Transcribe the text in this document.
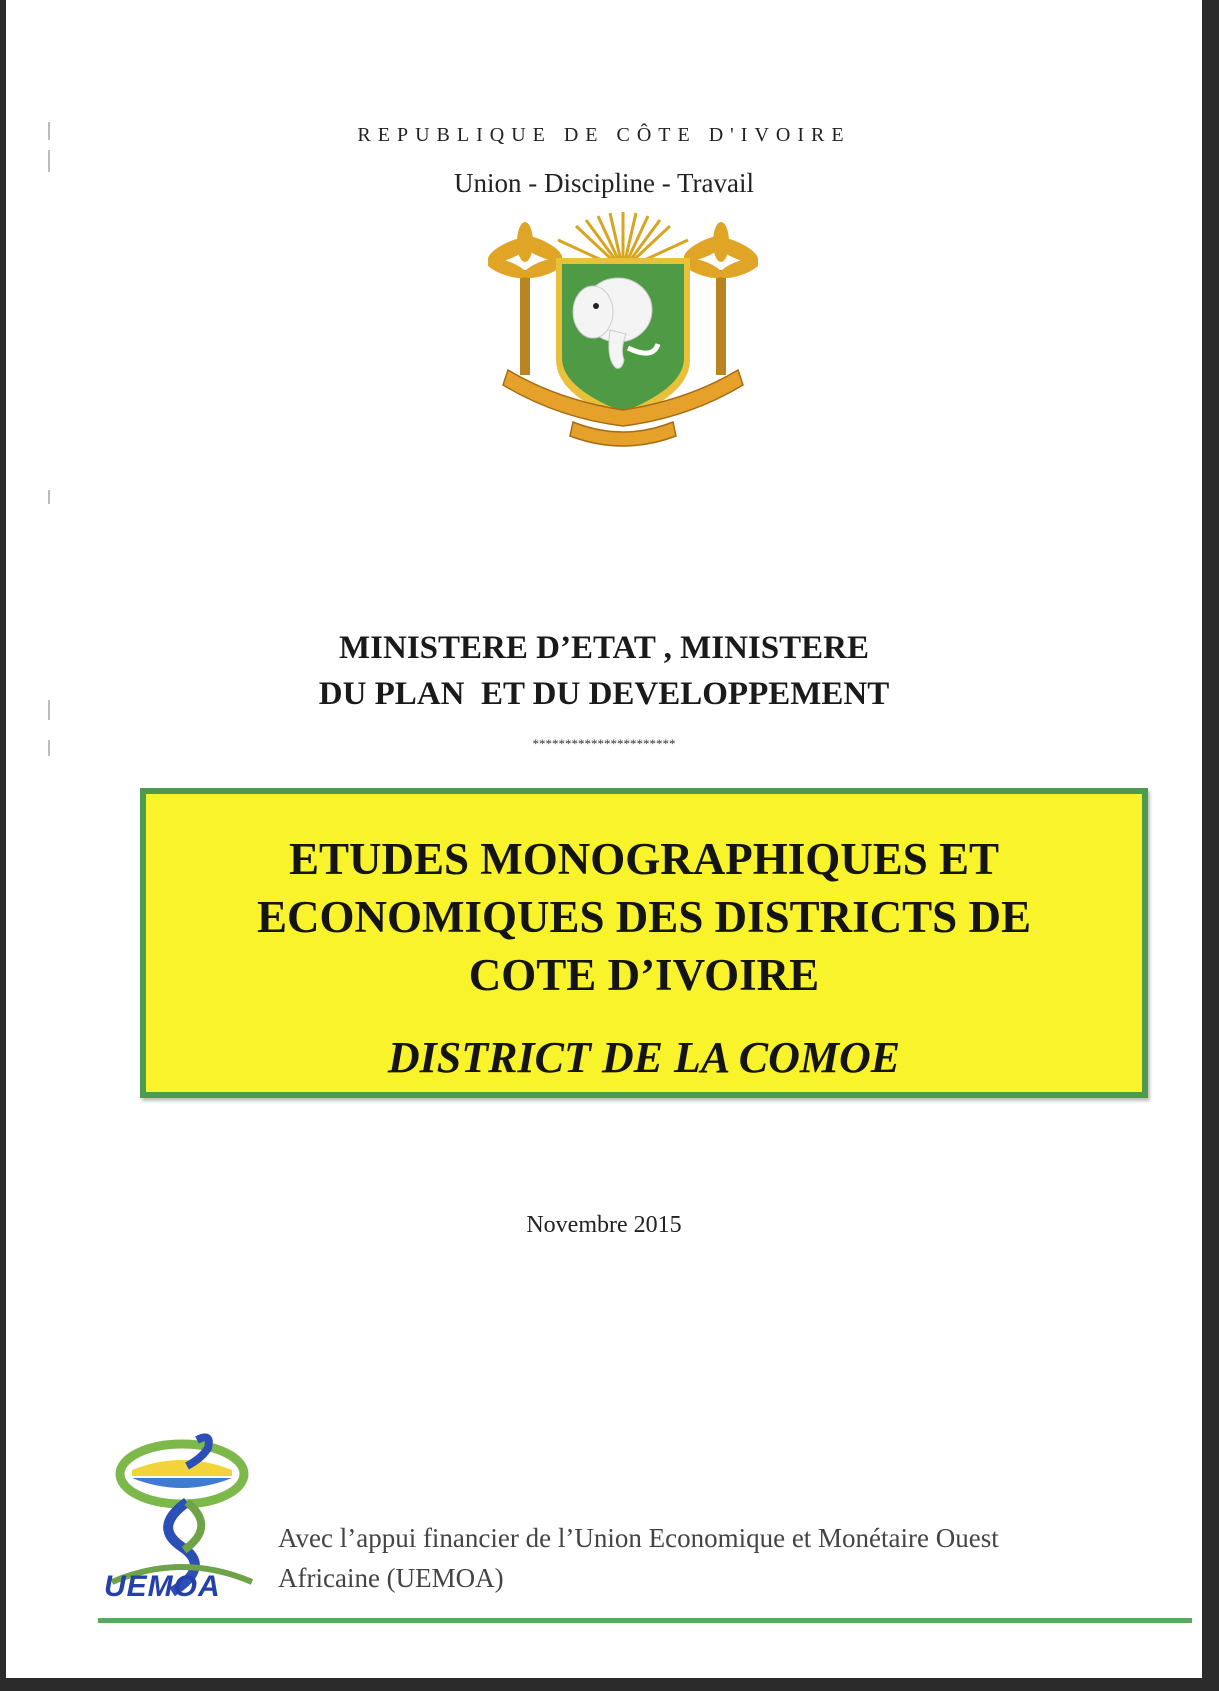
REPUBLIQUE DE CÔTE D'IVOIRE
Union - Discipline - Travail
MINISTERE D’ETAT , MINISTERE
DU PLAN  ET DU DEVELOPPEMENT
**********************
ETUDES MONOGRAPHIQUES ET
ECONOMIQUES DES DISTRICTS DE
COTE D’IVOIRE
DISTRICT DE LA COMOE
Novembre 2015
UEMOA
Avec l’appui financier de l’Union Economique et Monétaire Ouest
Africaine (UEMOA)
